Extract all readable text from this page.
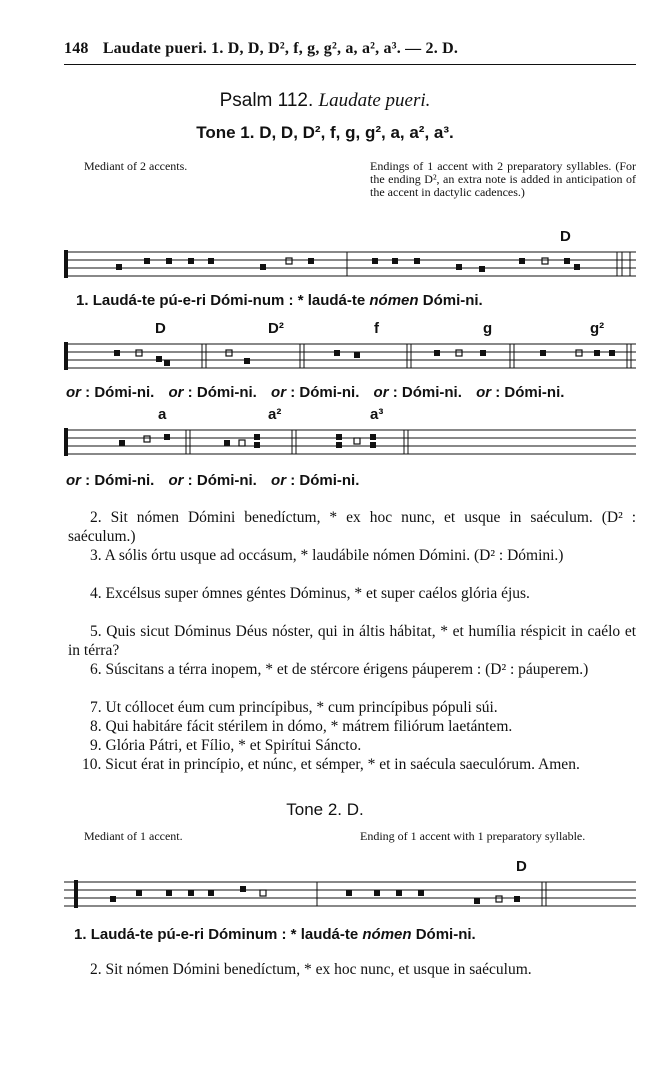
148 Laudate pueri. 1. D, D, D², f, g, g², a, a², a³. — 2. D.
Psalm 112. Laudate pueri.
Tone 1. D, D, D², f, g, g², a, a², a³.
Mediant of 2 accents.	Endings of 1 accent with 2 preparatory syllables. (For the ending D², an extra note is added in anticipation of the accent in dactylic cadences.)
D
1. Laudá-te pú-e-ri Dómi-num : * laudá-te nómen Dómi-ni.
D	D²	f	g	g²
or : Dómi-ni. or : Dómi-ni. or : Dómi-ni. or : Dómi-ni. or : Dómi-ni.
a	a²	a³
or : Dómi-ni. or : Dómi-ni. or : Dómi-ni.
2. Sit nómen Dómini benedíctum, * ex hoc nunc, et usque in saéculum. (D² : saéculum.)
3. A sólis órtu usque ad occásum, * laudábile nómen Dómini. (D² : Dómini.)
4. Excélsus super ómnes géntes Dóminus, * et super caélos glória éjus.
5. Quis sicut Dóminus Déus nóster, qui in áltis hábitat, * et humília réspicit in caélo et in térra?
6. Súscitans a térra inopem, * et de stércore érigens páuperem : (D² : páuperem.)
7. Ut cóllocet éum cum princípibus, * cum princípibus pópuli súi.
8. Qui habitáre fácit stérilem in dómo, * mátrem filiórum laetántem.
9. Glória Pátri, et Fílio, * et Spirítui Sáncto.
10. Sicut érat in princípio, et núnc, et sémper, * et in saécula saeculórum. Amen.
Tone 2. D.
Mediant of 1 accent.	Ending of 1 accent with 1 preparatory syllable.
D
1. Laudá-te pú-e-ri Dóminum : * laudá-te nómen Dómi-ni.
2. Sit nómen Dómini benedíctum, * ex hoc nunc, et usque in saéculum.
